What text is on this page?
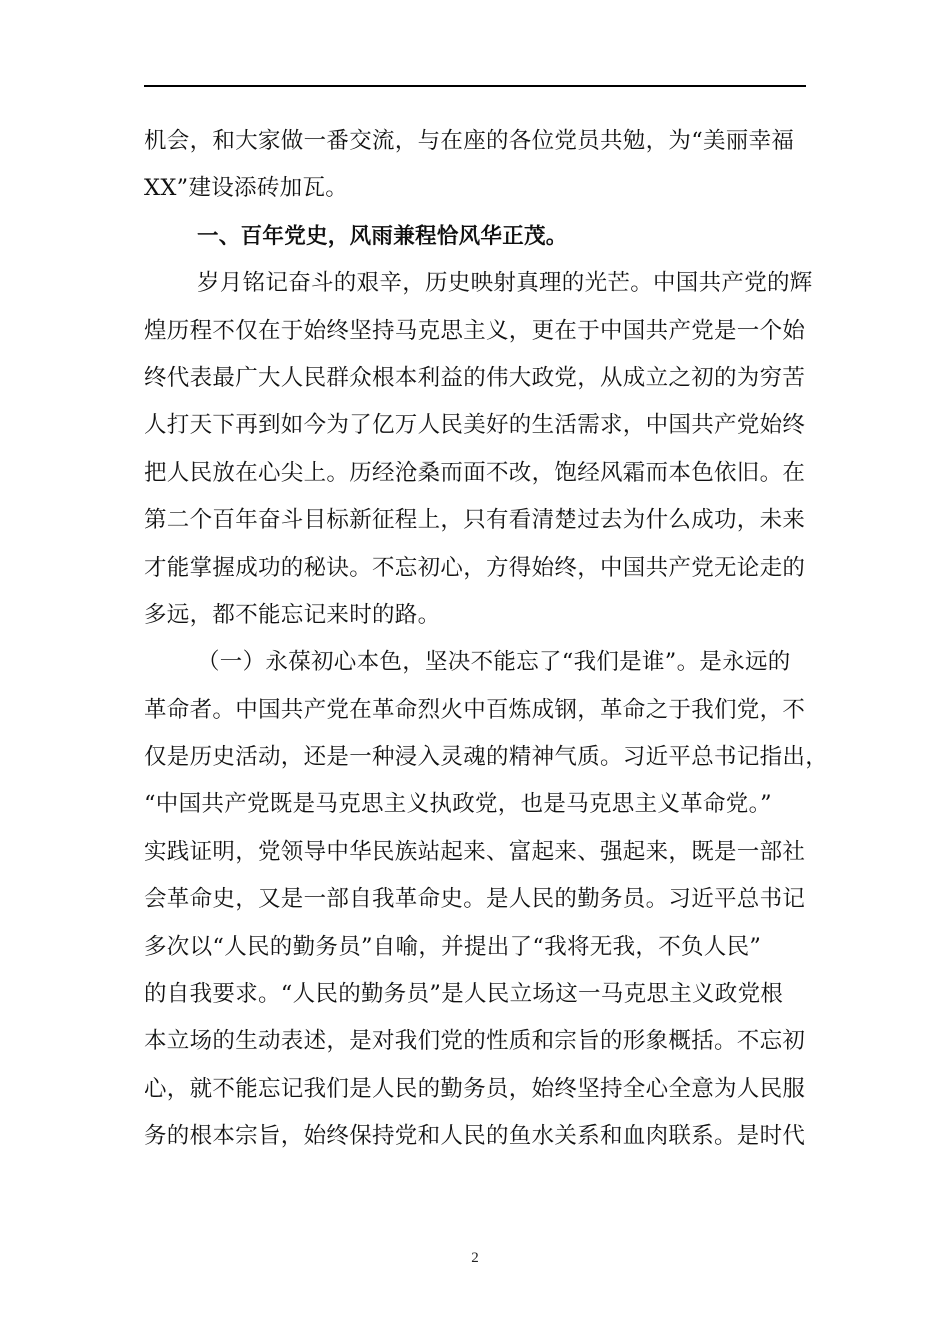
机会，和大家做一番交流，与在座的各位党员共勉，为“美丽幸福
XX”建设添砖加瓦。
一、百年党史，风雨兼程恰风华正茂。
岁月铭记奋斗的艰辛，历史映射真理的光芒。中国共产党的辉
煌历程不仅在于始终坚持马克思主义，更在于中国共产党是一个始
终代表最广大人民群众根本利益的伟大政党，从成立之初的为穷苦
人打天下再到如今为了亿万人民美好的生活需求，中国共产党始终
把人民放在心尖上。历经沧桑而面不改，饱经风霜而本色依旧。在
第二个百年奋斗目标新征程上，只有看清楚过去为什么成功，未来
才能掌握成功的秘诀。不忘初心，方得始终，中国共产党无论走的
多远，都不能忘记来时的路。
（一）永葆初心本色，坚决不能忘了“我们是谁”。是永远的
革命者。中国共产党在革命烈火中百炼成钢，革命之于我们党，不
仅是历史活动，还是一种浸入灵魂的精神气质。习近平总书记指出，
“中国共产党既是马克思主义执政党，也是马克思主义革命党。”
实践证明，党领导中华民族站起来、富起来、强起来，既是一部社
会革命史，又是一部自我革命史。是人民的勤务员。习近平总书记
多次以“人民的勤务员”自喻，并提出了“我将无我，不负人民”
的自我要求。“人民的勤务员”是人民立场这一马克思主义政党根
本立场的生动表述，是对我们党的性质和宗旨的形象概括。不忘初
心，就不能忘记我们是人民的勤务员，始终坚持全心全意为人民服
务的根本宗旨，始终保持党和人民的鱼水关系和血肉联系。是时代
2
